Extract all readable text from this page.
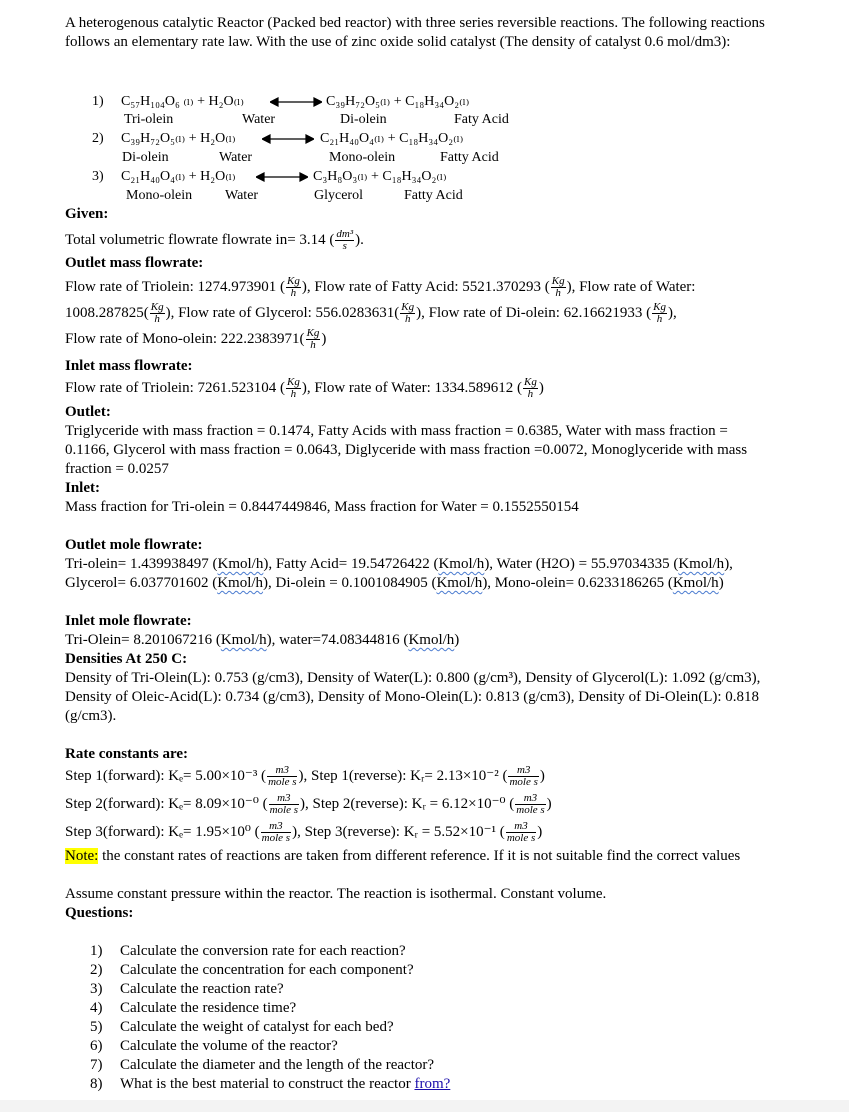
A heterogenous catalytic Reactor (Packed bed reactor) with three series reversible reactions. The following reactions follows an elementary rate law. With the use of zinc oxide solid catalyst (The density of catalyst 0.6 mol/dm3):

1) C₅₇H₁₀₄O₆ ₍ₗ₎ + H₂O₍ₗ₎	C₃₉H₇₂O₅₍ₗ₎ + C₁₈H₃₄O₂₍ₗ₎
Tri-olein	Water	Di-olein	Faty Acid
2) C₃₉H₇₂O₅₍ₗ₎ + H₂O₍ₗ₎	C₂₁H₄₀O₄₍ₗ₎ + C₁₈H₃₄O₂₍ₗ₎
Di-olein	Water	Mono-olein	Fatty Acid
3) C₂₁H₄₀O₄₍ₗ₎ + H₂O₍ₗ₎	C₃H₈O₃₍ₗ₎ + C₁₈H₃₄O₂₍ₗ₎
Mono-olein Water	Glycerol	Fatty Acid

Given:

Total volumetric flowrate flowrate in= 3.14 ( $\frac{\text{dm³}}{s}$ ).

Outlet mass flowrate:

Flow rate of Triolein: 1274.973901 ( $\frac{Kg}{h}$ ), Flow rate of Fatty Acid: 5521.370293 ( $\frac{Kg}{h}$ ), Flow rate of Water:
$1008.287825( \frac{Kg}{h}$ ), Flow rate of Glycerol: $556.0283631( \frac{Kg}{h}$ ), Flow rate of Di-olein: 62.16621933 ( $\frac{Kg}{h}$ ),
Flow rate of Mono-olein: $222.2383971( \frac{Kg}{h}$ )

Inlet mass flowrate:

Flow rate of Triolein: 7261.523104 ( $\frac{Kg}{h}$ ), Flow rate of Water: 1334.589612 ( $\frac{Kg}{h}$ )

Outlet:

Triglyceride with mass fraction = 0.1474, Fatty Acids with mass fraction = 0.6385, Water with mass fraction = 0.1166, Glycerol with mass fraction = 0.0643, Diglyceride with mass fraction =0.0072, Monoglyceride with mass fraction = 0.0257

Inlet:

Mass fraction for Tri-olein = 0.8447449846, Mass fraction for Water = 0.1552550154

Outlet mole flowrate:

Tri-olein= 1.439938497 (Kmol/h), Fatty Acid= 19.54726422 (Kmol/h), Water (H2O) = 55.97034335 (Kmol/h), Glycerol= 6.037701602 (Kmol/h), Di-olein = 0.1001084905 (Kmol/h), Mono-olein= 0.6233186265 (Kmol/h)

Inlet mole flowrate:

Tri-Olein= 8.201067216 (Kmol/h), water=74.08344816 (Kmol/h)

Densities At 250 C:

Density of Tri-Olein(L): 0.753 (g/cm3), Density of Water(L): 0.800 (g/cm³), Density of Glycerol(L): 1.092 (g/cm3), Density of Oleic-Acid(L): 0.734 (g/cm3), Density of Mono-Olein(L): 0.813 (g/cm3), Density of Di-Olein(L): 0.818 (g/cm3).

Rate constants are:

Step 1(forward): Kₑ= 5.00×10⁻³ ( $\frac{m3}{\text{mole s}}$ ), Step 1(reverse): Kᵣ= 2.13×10⁻² ( $\frac{m3}{\text{mole s}}$ )

Step 2(forward): Kₑ= 8.09×10⁻⁰ ( $\frac{m3}{\text{mole s}}$ ), Step 2(reverse): Kᵣ = 6.12×10⁻⁰ ( $\frac{m3}{\text{mole s}}$ )

Step 3(forward): Kₑ= 1.95×10⁰ ( $\frac{m3}{\text{mole s}}$ ), Step 3(reverse): Kᵣ = 5.52×10⁻¹ ( $\frac{m3}{\text{mole s}}$ )

Note: the constant rates of reactions are taken from different reference. If it is not suitable find the correct values

Assume constant pressure within the reactor. The reaction is isothermal. Constant volume.

Questions:

1) Calculate the conversion rate for each reaction?
2) Calculate the concentration for each component?
3) Calculate the reaction rate?
4) Calculate the residence time?
5) Calculate the weight of catalyst for each bed?
6) Calculate the volume of the reactor?
7) Calculate the diameter and the length of the reactor?
8) What is the best material to construct the reactor from?
